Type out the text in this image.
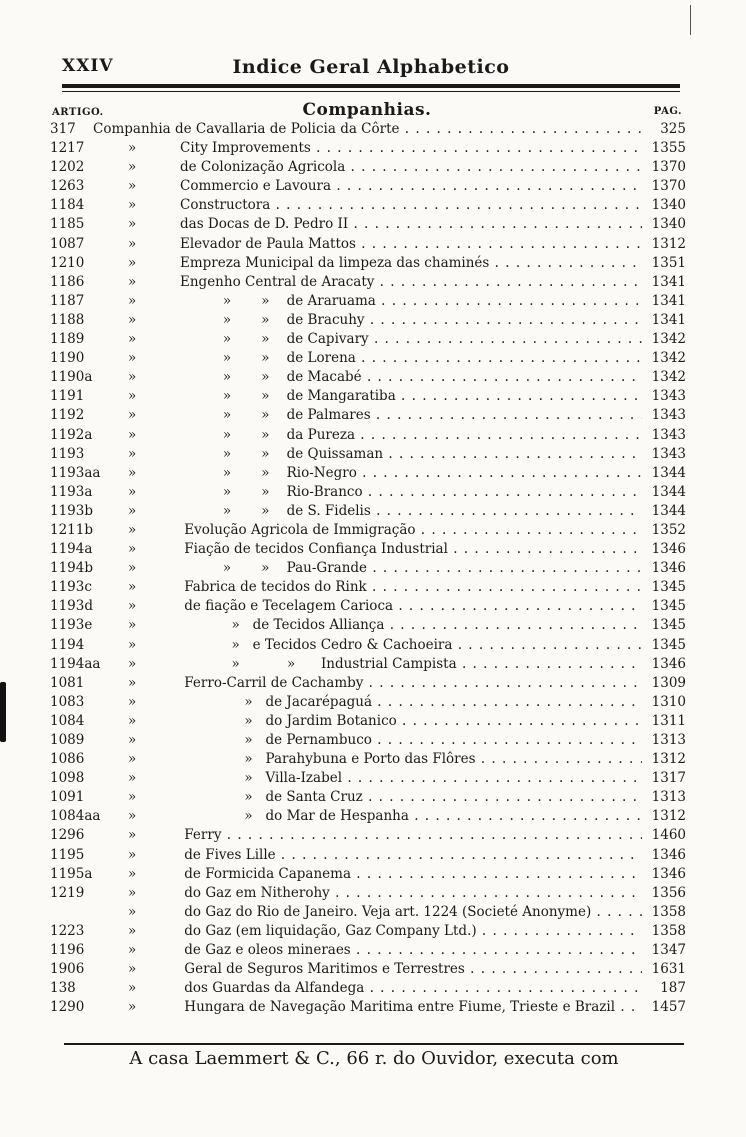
XXIV	Indice Geral Alphabetico
ARTIGO.	Companhias.	PAG.
317	Companhia de Cavallaria de Policia da Côrte . . .	325
1217	»	City Improvements . . .	1355
1202	»	de Colonização Agricola . . .	1370
1263	»	Commercio e Lavoura . . .	1370
1184	»	Constructora . . .	1340
1185	»	das Docas de D. Pedro II . . .	1340
1087	»	Elevador de Paula Mattos . . .	1312
1210	»	Empreza Municipal da limpeza das chaminés . . .	1351
1186	»	Engenho Central de Aracaty . . .	1341
1187	»	»       »    de Araruama . . .	1341
1188	»	»       »    de Bracuhy . . .	1341
1189	»	»       »    de Capivary . . .	1342
1190	»	»       »    de Lorena . . .	1342
1190a	»	»       »    de Macabé . . .	1342
1191	»	»       »    de Mangaratiba . . .	1343
1192	»	»       »    de Palmares . . .	1343
1192a	»	»       »    da Pureza . . .	1343
1193	»	»       »    de Quissaman . . .	1343
1193aa	»	»       »    Rio-Negro . . .	1344
1193a	»	»       »    Rio-Branco . . .	1344
1193b	»	»       »    de S. Fidelis . . .	1344
1211b	»	Evolução Agricola de Immigração . . .	1352
1194a	»	Fiação de tecidos Confiança Industrial . . .	1346
1194b	»	»       »    Pau-Grande . . .	1346
1193c	»	Fabrica de tecidos do Rink . . .	1345
1193d	»	de fiação e Tecelagem Carioca . . .	1345
1193e	»	»   de Tecidos Alliança . . .	1345
1194	»	»   e Tecidos Cedro & Cachoeira . . .	1345
1194aa	»	»           »      Industrial Campista . . .	1346
1081	»	Ferro-Carril de Cachamby . . .	1309
1083	»	»   de Jacarépaguá . . .	1310
1084	»	»   do Jardim Botanico . . .	1311
1089	»	»   de Pernambuco . . .	1313
1086	»	»   Parahybuna e Porto das Flôres . . .	1312
1098	»	»   Villa-Izabel . . .	1317
1091	»	»   de Santa Cruz . . .	1313
1084aa	»	»   do Mar de Hespanha . . .	1312
1296	»	Ferry . . .	1460
1195	»	de Fives Lille . . .	1346
1195a	»	de Formicida Capanema . . .	1346
1219	»	do Gaz em Nitherohy . . .	1356
»	do Gaz do Rio de Janeiro. Veja art. 1224 (Societé Anonyme) . . .	1358
1223	»	do Gaz (em liquidação, Gaz Company Ltd.) . . .	1358
1196	»	de Gaz e oleos mineraes . . .	1347
1906	»	Geral de Seguros Maritimos e Terrestres . . .	1631
138	»	dos Guardas da Alfandega . . .	187
1290	»	Hungara de Navegação Maritima entre Fiume, Trieste e Brazil . . .	1457
A casa Laemmert & C., 66 r. do Ouvidor, executa com
